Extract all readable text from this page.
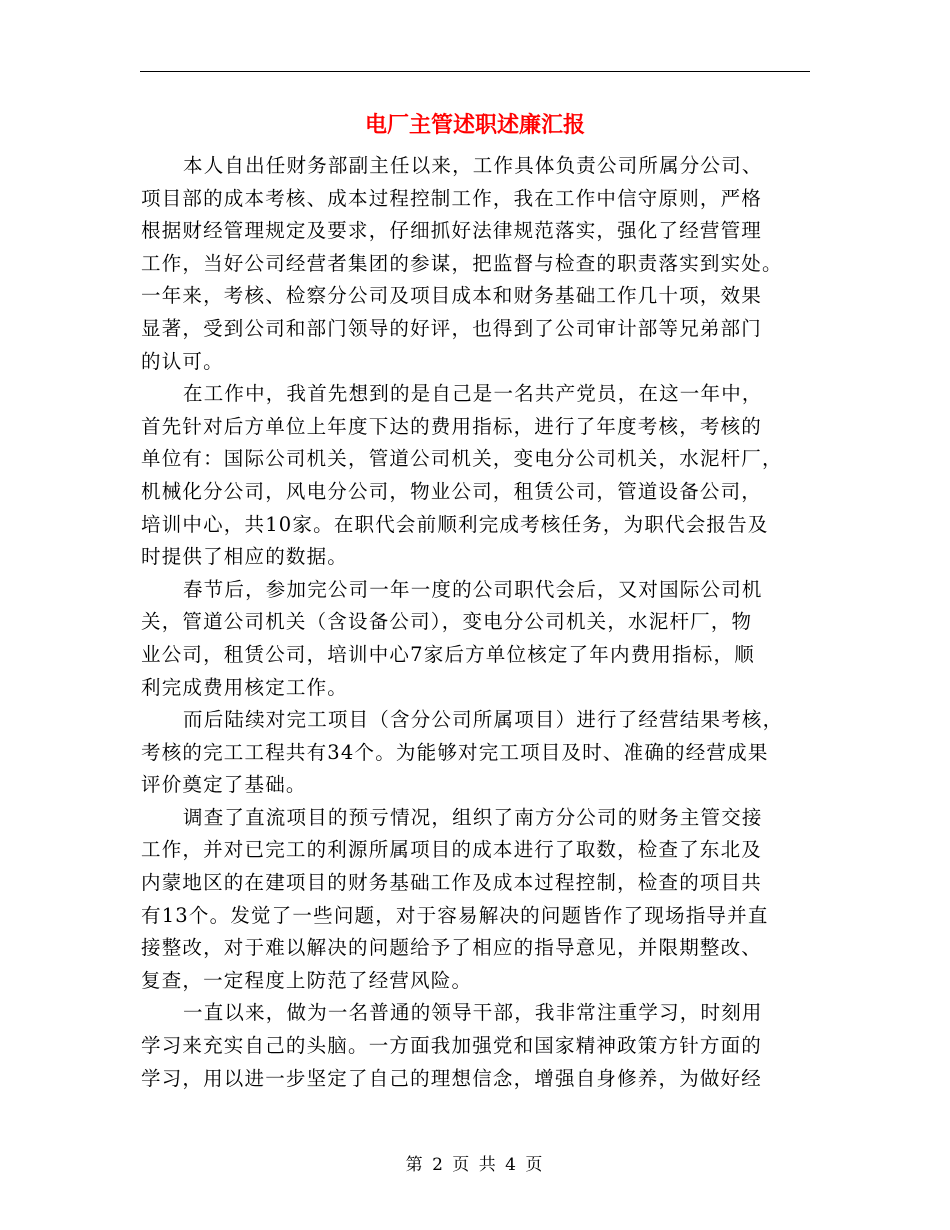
电厂主管述职述廉汇报

本人自出任财务部副主任以来，工作具体负责公司所属分公司、
项目部的成本考核、成本过程控制工作，我在工作中信守原则，严格
根据财经管理规定及要求，仔细抓好法律规范落实，强化了经营管理
工作，当好公司经营者集团的参谋，把监督与检查的职责落实到实处。
一年来，考核、检察分公司及项目成本和财务基础工作几十项，效果
显著，受到公司和部门领导的好评，也得到了公司审计部等兄弟部门
的认可。

在工作中，我首先想到的是自己是一名共产党员，在这一年中，
首先针对后方单位上年度下达的费用指标，进行了年度考核，考核的
单位有：国际公司机关，管道公司机关，变电分公司机关，水泥杆厂，
机械化分公司，风电分公司，物业公司，租赁公司，管道设备公司，
培训中心，共10家。在职代会前顺利完成考核任务，为职代会报告及
时提供了相应的数据。

春节后，参加完公司一年一度的公司职代会后，又对国际公司机
关，管道公司机关（含设备公司），变电分公司机关，水泥杆厂，物
业公司，租赁公司，培训中心7家后方单位核定了年内费用指标，顺
利完成费用核定工作。

而后陆续对完工项目（含分公司所属项目）进行了经营结果考核，
考核的完工工程共有34个。为能够对完工项目及时、准确的经营成果
评价奠定了基础。

调查了直流项目的预亏情况，组织了南方分公司的财务主管交接
工作，并对已完工的利源所属项目的成本进行了取数，检查了东北及
内蒙地区的在建项目的财务基础工作及成本过程控制，检查的项目共
有13个。发觉了一些问题，对于容易解决的问题皆作了现场指导并直
接整改，对于难以解决的问题给予了相应的指导意见，并限期整改、
复查，一定程度上防范了经营风险。

一直以来，做为一名普通的领导干部，我非常注重学习，时刻用
学习来充实自己的头脑。一方面我加强党和国家精神政策方针方面的
学习，用以进一步坚定了自己的理想信念，增强自身修养，为做好经

第 2 页 共 4 页
